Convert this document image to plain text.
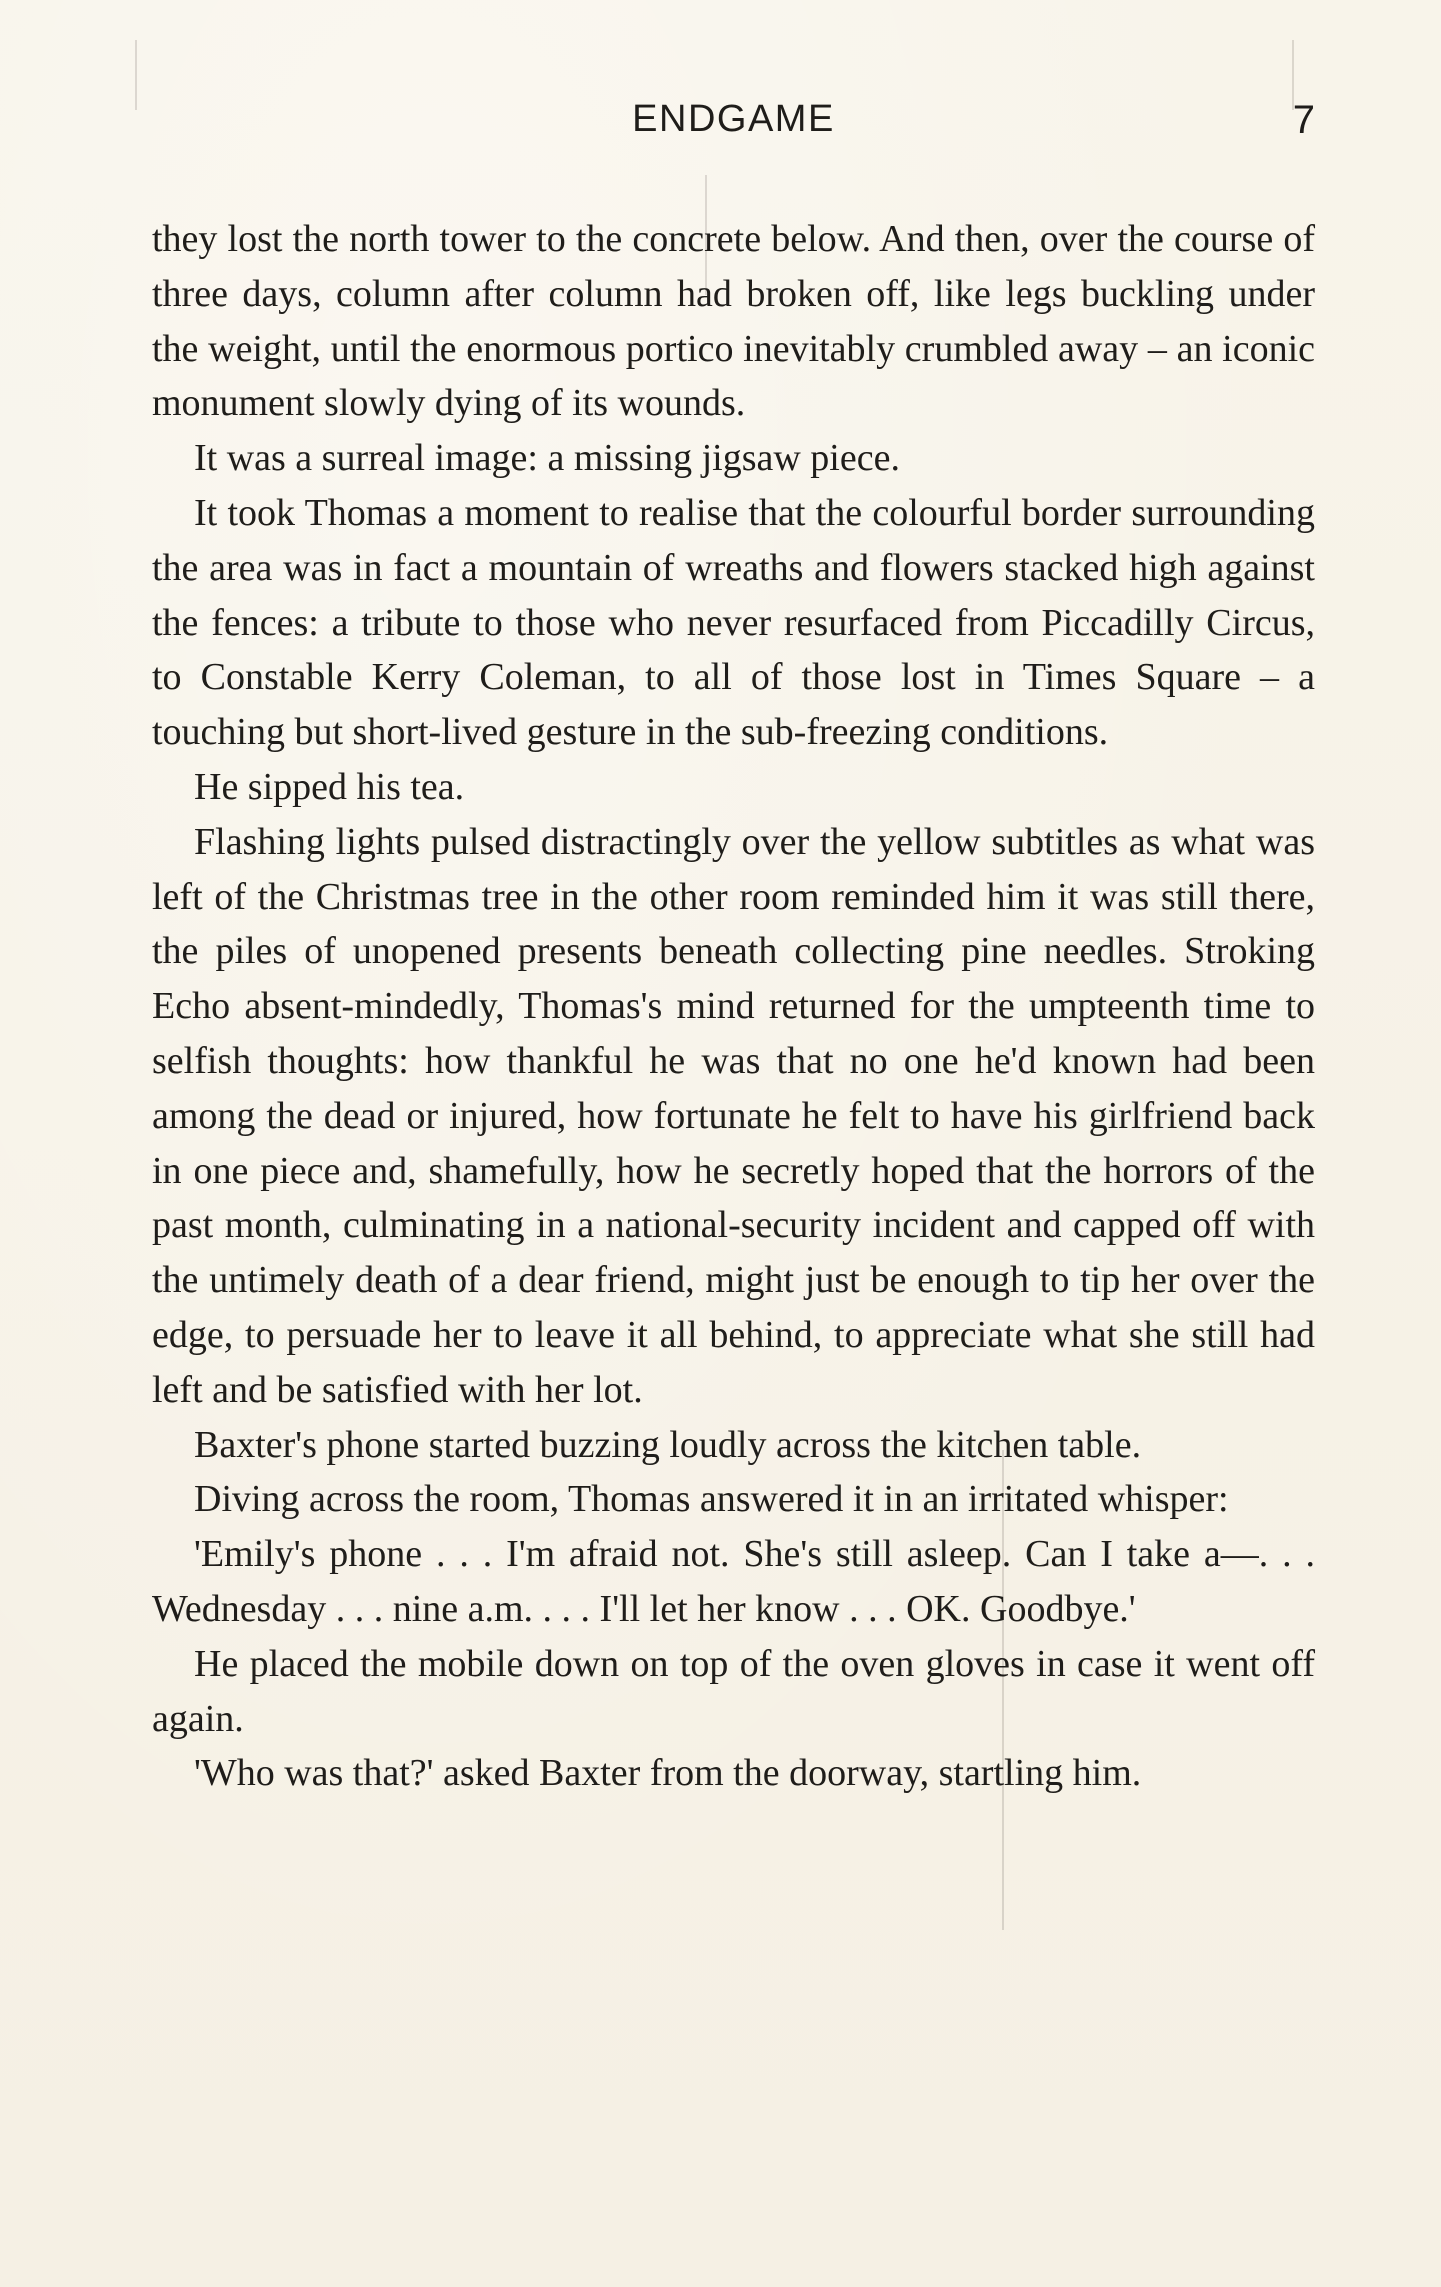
ENDGAME	7

they lost the north tower to the concrete below. And then, over the course of three days, column after column had broken off, like legs buckling under the weight, until the enormous portico inevitably crumbled away – an iconic monument slowly dying of its wounds.

It was a surreal image: a missing jigsaw piece.

It took Thomas a moment to realise that the colourful border surrounding the area was in fact a mountain of wreaths and flowers stacked high against the fences: a tribute to those who never resurfaced from Piccadilly Circus, to Constable Kerry Coleman, to all of those lost in Times Square – a touching but short-lived gesture in the sub-freezing conditions.

He sipped his tea.

Flashing lights pulsed distractingly over the yellow subtitles as what was left of the Christmas tree in the other room reminded him it was still there, the piles of unopened presents beneath collecting pine needles. Stroking Echo absent-mindedly, Thomas's mind returned for the umpteenth time to selfish thoughts: how thankful he was that no one he'd known had been among the dead or injured, how fortunate he felt to have his girlfriend back in one piece and, shamefully, how he secretly hoped that the horrors of the past month, culminating in a national-security incident and capped off with the untimely death of a dear friend, might just be enough to tip her over the edge, to persuade her to leave it all behind, to appreciate what she still had left and be satisfied with her lot.

Baxter's phone started buzzing loudly across the kitchen table.

Diving across the room, Thomas answered it in an irritated whisper:

'Emily's phone . . . I'm afraid not. She's still asleep. Can I take a—. . . Wednesday . . . nine a.m. . . . I'll let her know . . . OK. Goodbye.'

He placed the mobile down on top of the oven gloves in case it went off again.

'Who was that?' asked Baxter from the doorway, startling him.
